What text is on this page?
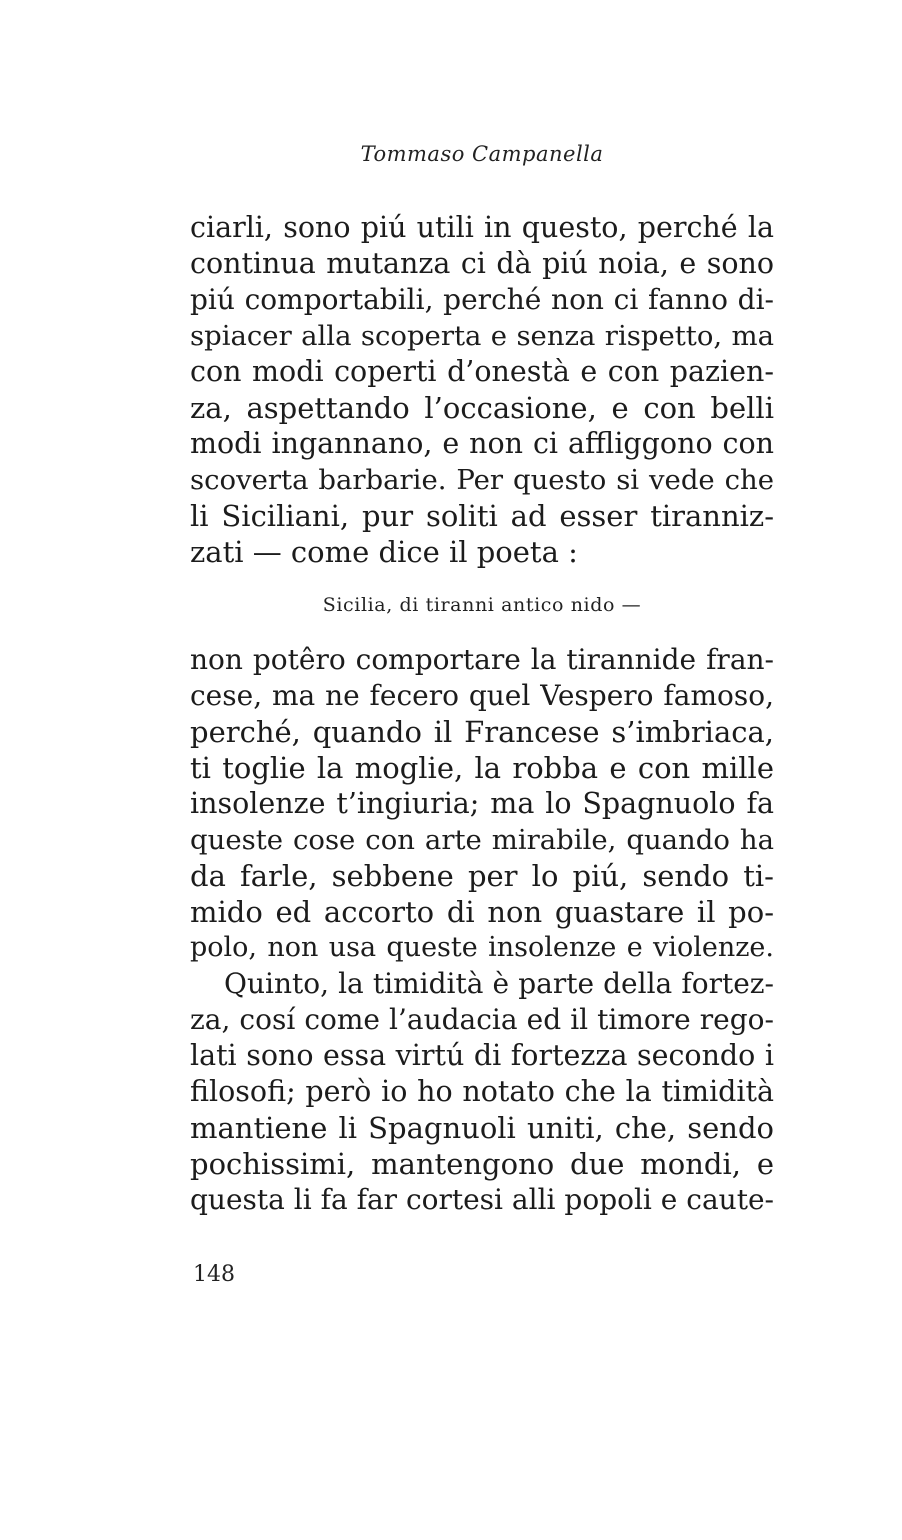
Tommaso Campanella
ciarli, sono piú utili in questo, perché la
continua mutanza ci dà piú noia, e sono
piú comportabili, perché non ci fanno di-
spiacer alla scoperta e senza rispetto, ma
con modi coperti d’onestà e con pazien-
za, aspettando l’occasione, e con belli
modi ingannano, e non ci affliggono con
scoverta barbarie. Per questo si vede che
li Siciliani, pur soliti ad esser tiranniz-
zati — come dice il poeta :
Sicilia, di tiranni antico nido —
non potêro comportare la tirannide fran-
cese, ma ne fecero quel Vespero famoso,
perché, quando il Francese s’imbriaca,
ti toglie la moglie, la robba e con mille
insolenze t’ingiuria; ma lo Spagnuolo fa
queste cose con arte mirabile, quando ha
da farle, sebbene per lo piú, sendo ti-
mido ed accorto di non guastare il po-
polo, non usa queste insolenze e violenze.
Quinto, la timidità è parte della fortez-
za, cosí come l’audacia ed il timore rego-
lati sono essa virtú di fortezza secondo i
filosofi; però io ho notato che la timidità
mantiene li Spagnuoli uniti, che, sendo
pochissimi, mantengono due mondi, e
questa li fa far cortesi alli popoli e caute-
148
